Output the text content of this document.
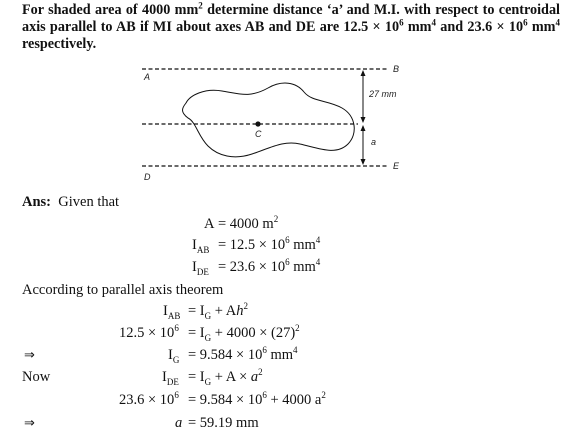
For shaded area of 4000 $mm^2$ determine distance ‘a’ and M.I. with respect to centroidal axis parallel to AB if MI about axes AB and DE are $12.5 \times 10^6$ $mm^4$ and $23.6 \times 10^6$ $mm^4$ respectively.
A
B
C
D
E
27 mm
a
Ans: Given that
A = 4000 $m^2$
$I_{AB} = 12.5 \times 10^6$ $mm^4$
$I_{DE} = 23.6 \times 10^6$ $mm^4$
According to parallel axis theorem
$I_{AB} = I_G + Ah^2$
$12.5 \times 10^6 = I_G + 4000 \times (27)^2$
⇒	$I_G = 9.584 \times 10^6$ $mm^4$
Now	$I_{DE} = I_G + A \times a^2$
$23.6 \times 10^6 = 9.584 \times 10^6 + 4000$ $a^2$
⇒	a = 59.19 mm
